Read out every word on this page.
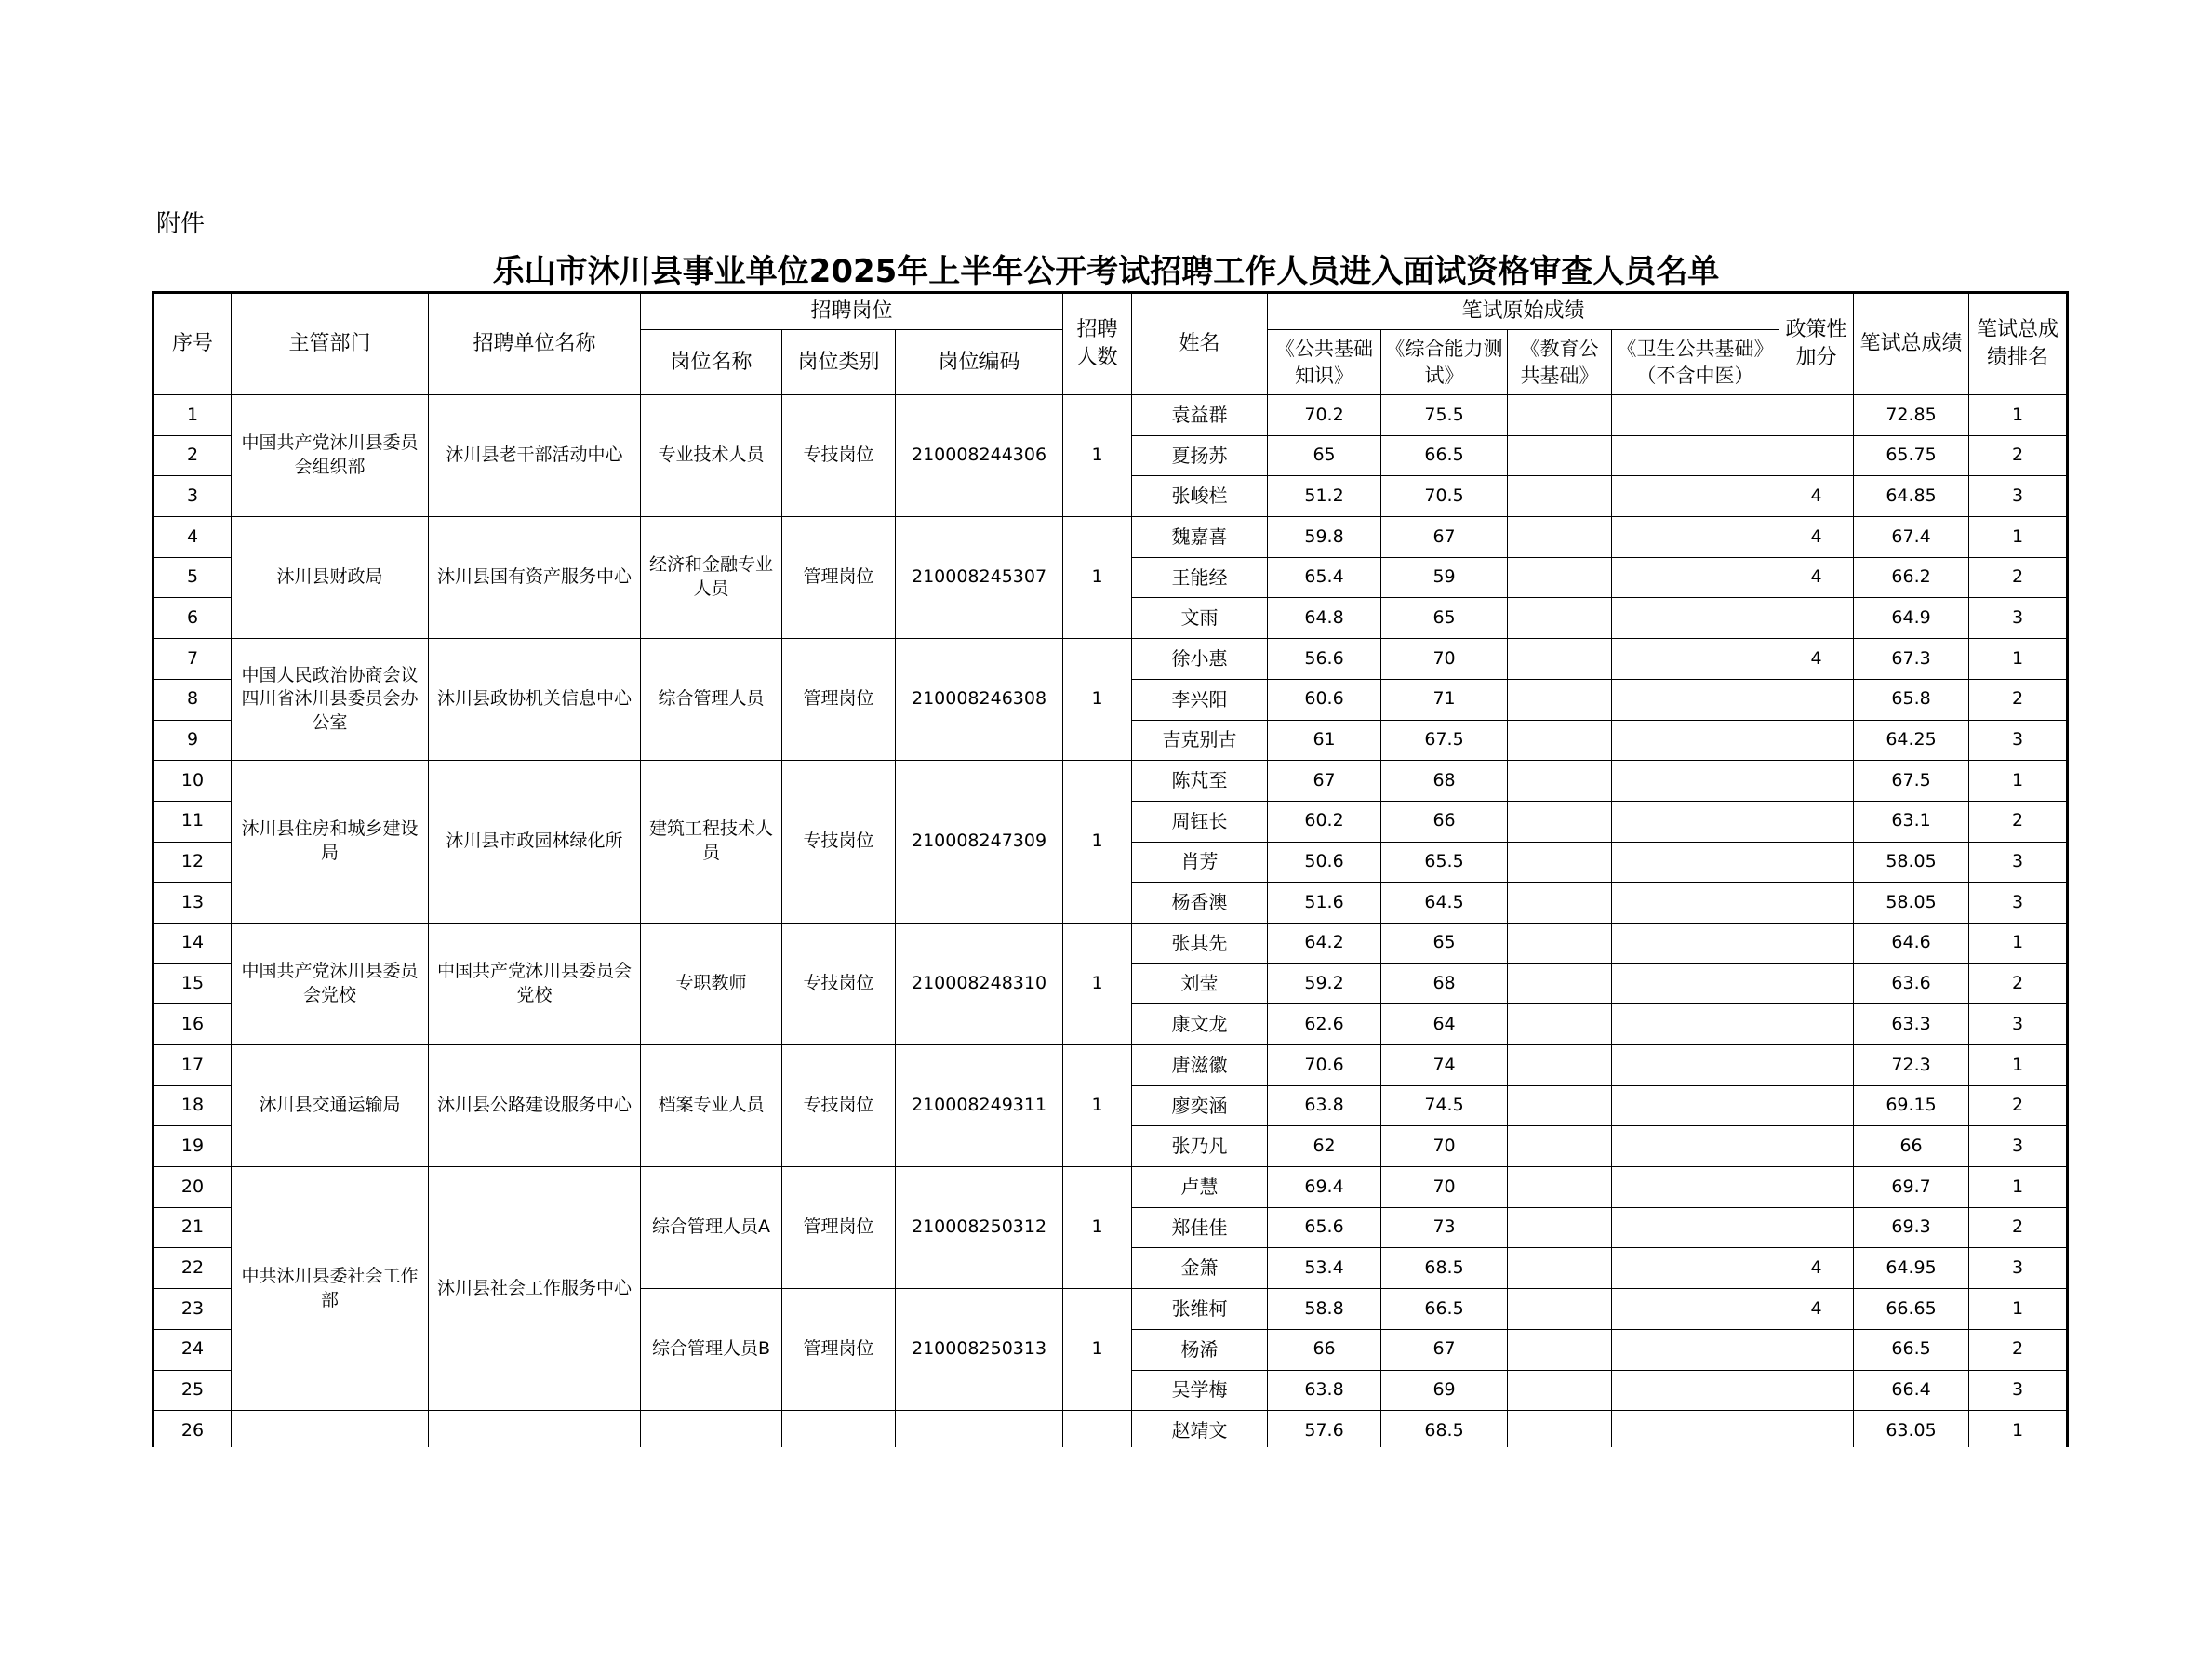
附件
乐山市沐川县事业单位2025年上半年公开考试招聘工作人员进入面试资格审查人员名单
序号	主管部门	招聘单位名称	招聘岗位			招聘人数	姓名	笔试原始成绩				政策性加分	笔试总成绩	笔试总成绩排名
			岗位名称	岗位类别	岗位编码			《公共基础知识》	《综合能力测试》	《教育公共基础》	《卫生公共基础》（不含中医）			
1	中国共产党沐川县委员会组织部	沐川县老干部活动中心	专业技术人员	专技岗位	210008244306	1	袁益群	70.2	75.5				72.85	1
2							夏扬苏	65	66.5				65.75	2
3							张峻栏	51.2	70.5			4	64.85	3
4	沐川县财政局	沐川县国有资产服务中心	经济和金融专业人员	管理岗位	210008245307	1	魏嘉喜	59.8	67			4	67.4	1
5							王能经	65.4	59			4	66.2	2
6							文雨	64.8	65				64.9	3
7	中国人民政治协商会议四川省沐川县委员会办公室	沐川县政协机关信息中心	综合管理人员	管理岗位	210008246308	1	徐小惠	56.6	70			4	67.3	1
8							李兴阳	60.6	71				65.8	2
9							吉克别古	61	67.5				64.25	3
10	沐川县住房和城乡建设局	沐川县市政园林绿化所	建筑工程技术人员	专技岗位	210008247309	1	陈芃至	67	68				67.5	1
11							周钰长	60.2	66				63.1	2
12							肖芳	50.6	65.5				58.05	3
13							杨香澳	51.6	64.5				58.05	3
14	中国共产党沐川县委员会党校	中国共产党沐川县委员会党校	专职教师	专技岗位	210008248310	1	张其先	64.2	65				64.6	1
15							刘莹	59.2	68				63.6	2
16							康文龙	62.6	64				63.3	3
17	沐川县交通运输局	沐川县公路建设服务中心	档案专业人员	专技岗位	210008249311	1	唐滋徽	70.6	74				72.3	1
18							廖奕涵	63.8	74.5				69.15	2
19							张乃凡	62	70				66	3
20	中共沐川县委社会工作部	沐川县社会工作服务中心	综合管理人员A	管理岗位	210008250312	1	卢慧	69.4	70				69.7	1
21							郑佳佳	65.6	73				69.3	2
22							金箫	53.4	68.5			4	64.95	3
23			综合管理人员B	管理岗位	210008250313	1	张维柯	58.8	66.5			4	66.65	1
24							杨浠	66	67				66.5	2
25							吴学梅	63.8	69				66.4	3
26							赵靖文	57.6	68.5				63.05	1
